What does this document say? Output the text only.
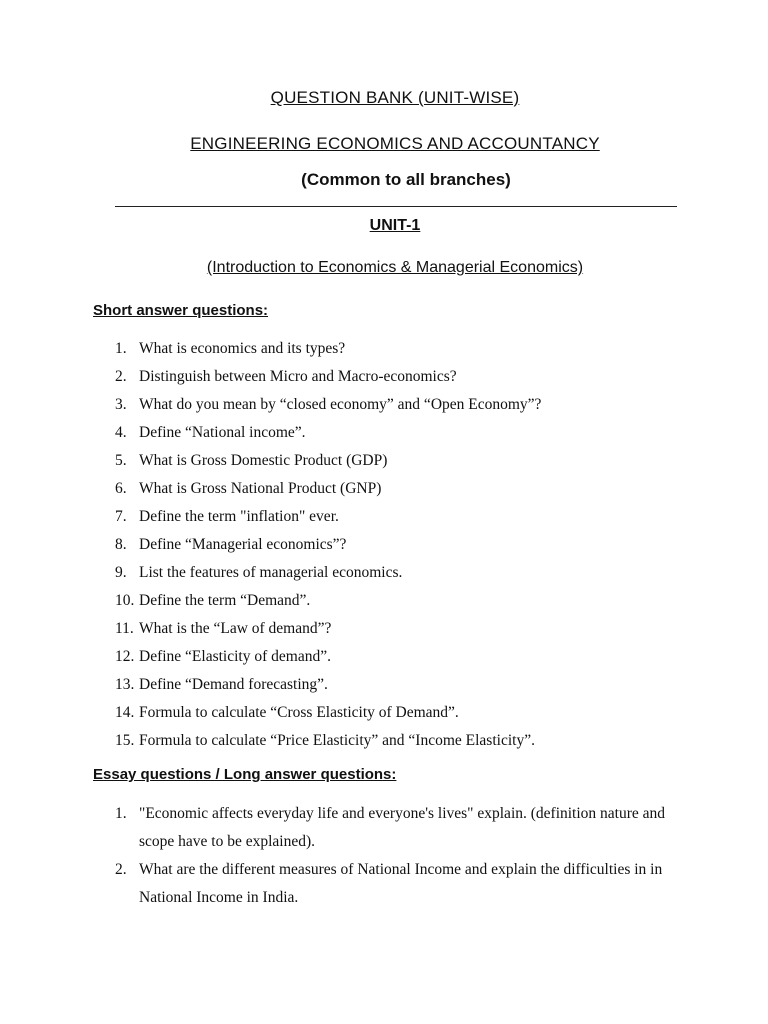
QUESTION BANK (UNIT-WISE)
ENGINEERING ECONOMICS AND ACCOUNTANCY
(Common to all branches)
UNIT-1
(Introduction to Economics & Managerial Economics)
Short answer questions:
1. What is economics and its types?
2. Distinguish between Micro and Macro-economics?
3. What do you mean by “closed economy” and “Open Economy”?
4. Define “National income”.
5. What is Gross Domestic Product (GDP)
6. What is Gross National Product (GNP)
7. Define the term "inflation" ever.
8. Define “Managerial economics”?
9. List the features of managerial economics.
10. Define the term “Demand”.
11. What is the “Law of demand”?
12. Define “Elasticity of demand”.
13. Define “Demand forecasting”.
14. Formula to calculate “Cross Elasticity of Demand”.
15. Formula to calculate “Price Elasticity” and “Income Elasticity”.
Essay questions / Long answer questions:
1. "Economic affects everyday life and everyone's lives" explain. (definition nature and scope have to be explained).
2. What are the different measures of National Income and explain the difficulties in in National Income in India.
